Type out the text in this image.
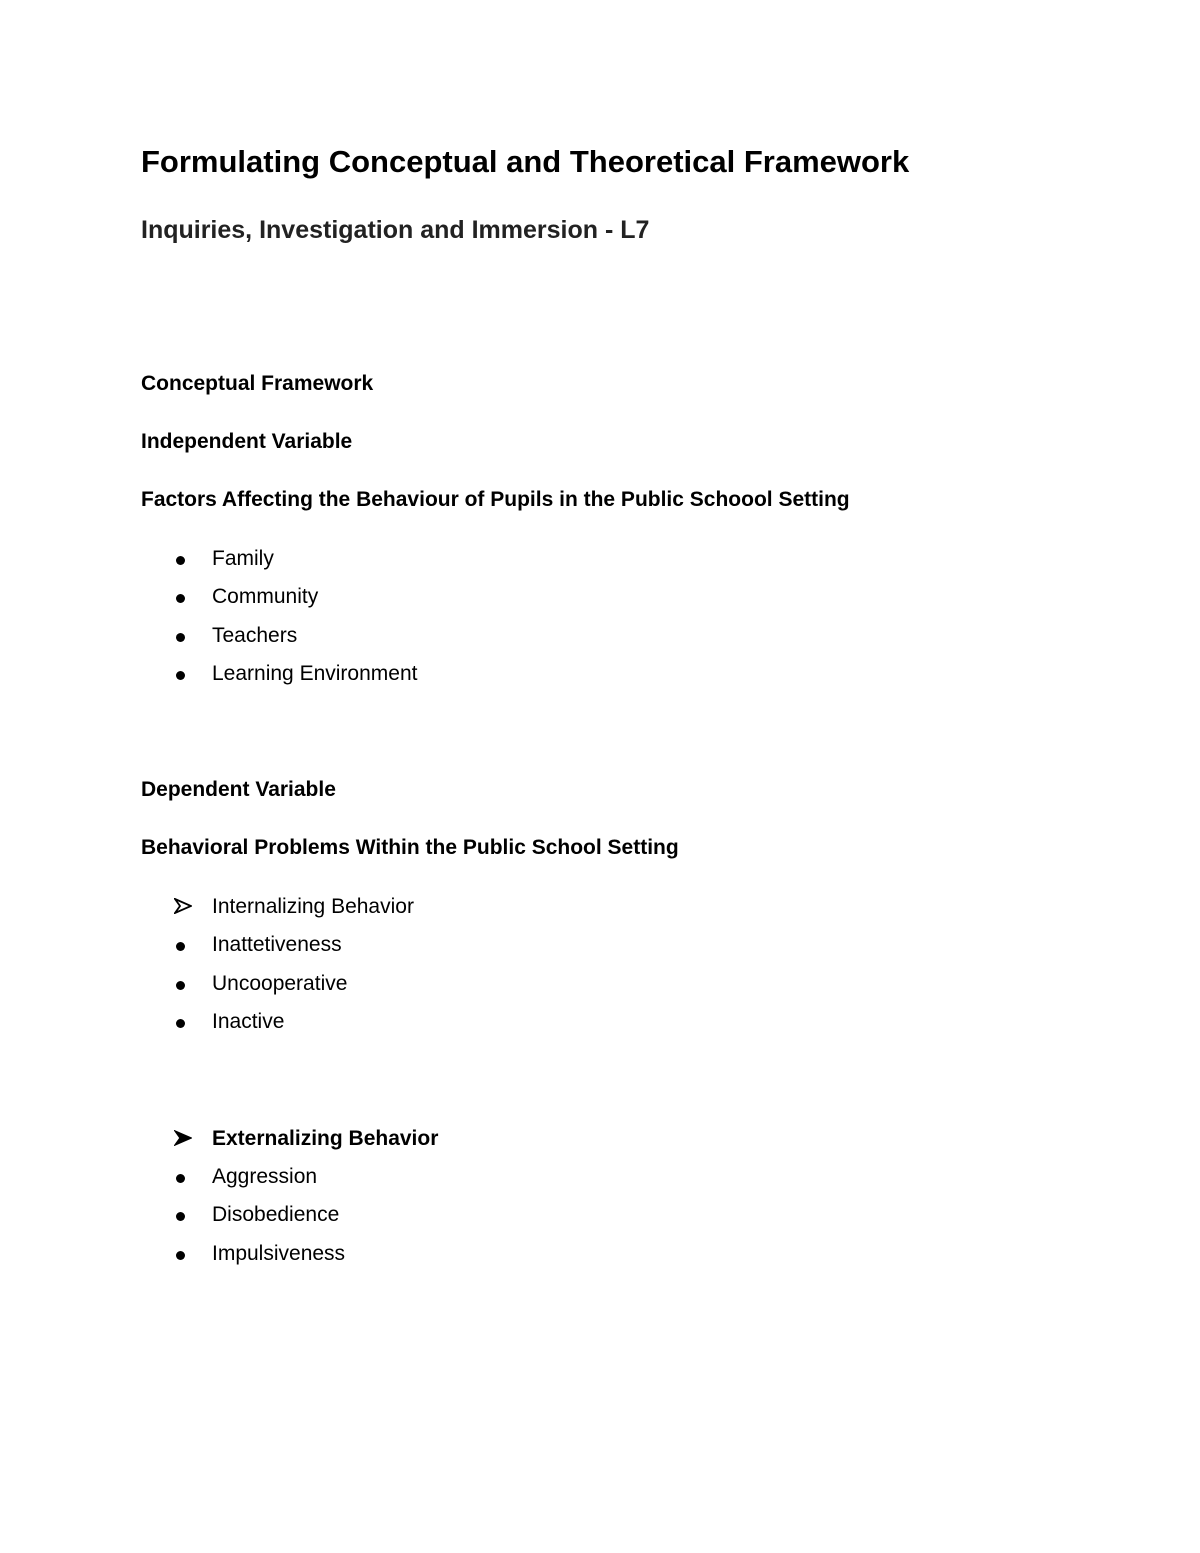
Formulating Conceptual and Theoretical Framework
Inquiries, Investigation and Immersion - L7
Conceptual Framework
Independent Variable
Factors Affecting the Behaviour of Pupils in the Public Schoool Setting
Family
Community
Teachers
Learning Environment
Dependent Variable
Behavioral Problems Within the Public School Setting
Internalizing Behavior
Inattetiveness
Uncooperative
Inactive
Externalizing Behavior
Aggression
Disobedience
Impulsiveness
